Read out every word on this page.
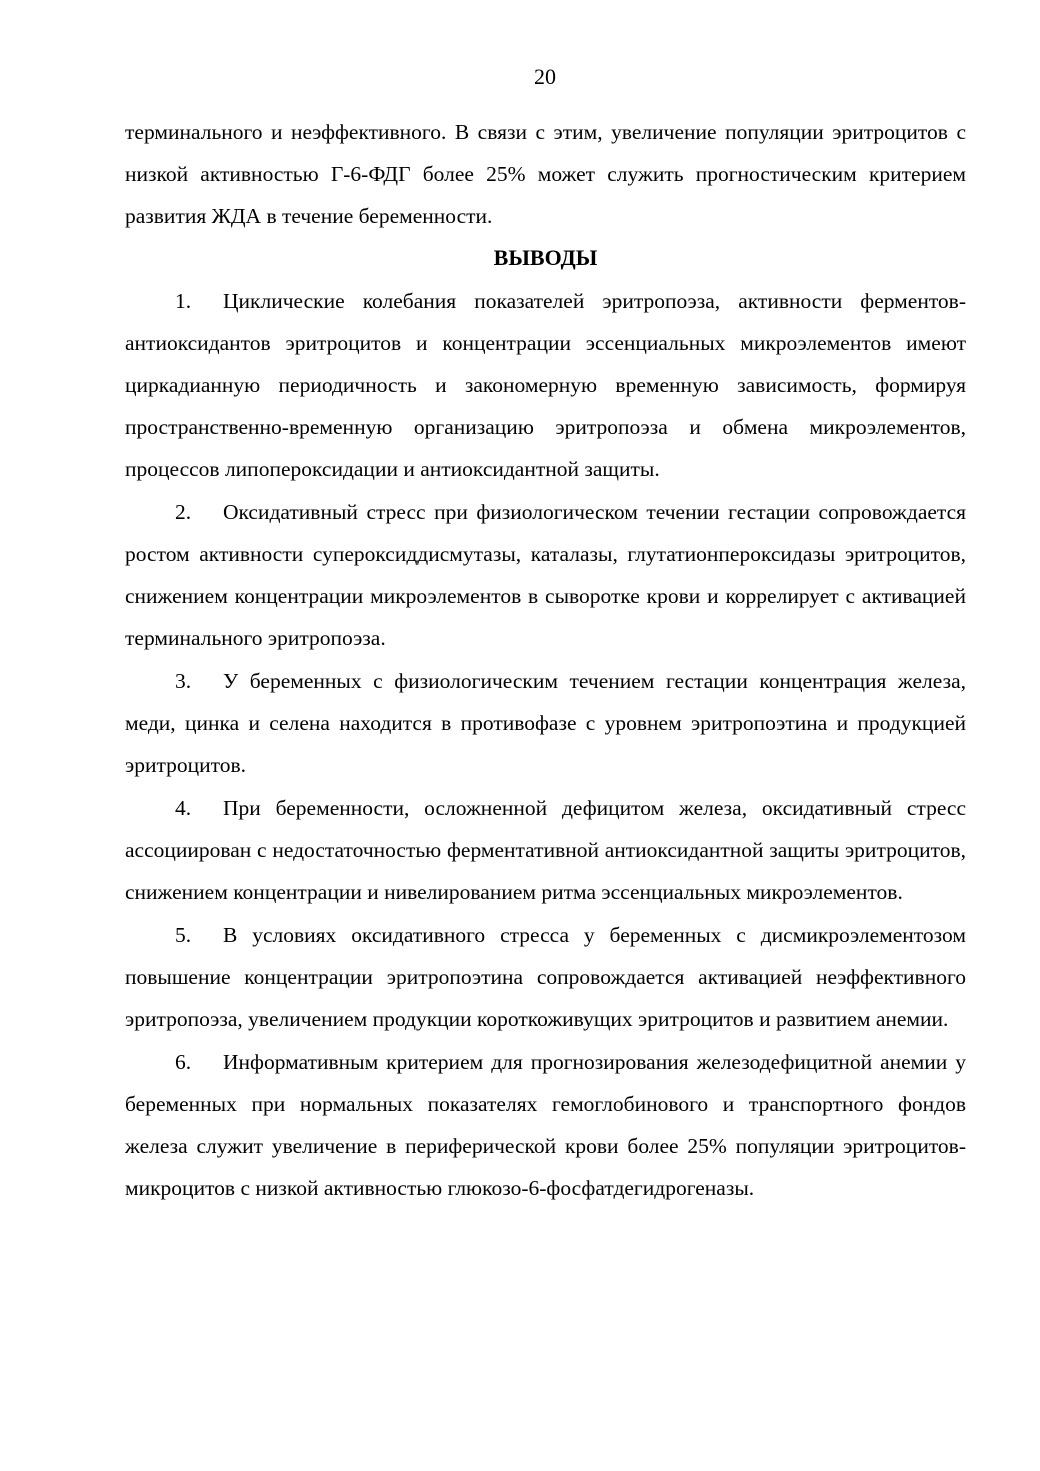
20

терминального и неэффективного. В связи с этим, увеличение популяции эритроцитов с низкой активностью Г-6-ФДГ более 25% может служить прогностическим критерием развития ЖДА в течение беременности.

ВЫВОДЫ

1. Циклические колебания показателей эритропоэза, активности ферментов-антиоксидантов эритроцитов и концентрации эссенциальных микроэлементов имеют циркадианную периодичность и закономерную временную зависимость, формируя пространственно-временную организацию эритропоэза и обмена микроэлементов, процессов липопероксидации и антиоксидантной защиты.

2. Оксидативный стресс при физиологическом течении гестации сопровождается ростом активности супероксиддисмутазы, каталазы, глутатионпероксидазы эритроцитов, снижением концентрации микроэлементов в сыворотке крови и коррелирует с активацией терминального эритропоэза.

3. У беременных с физиологическим течением гестации концентрация железа, меди, цинка и селена находится в противофазе с уровнем эритропоэтина и продукцией эритроцитов.

4. При беременности, осложненной дефицитом железа, оксидативный стресс ассоциирован с недостаточностью ферментативной антиоксидантной защиты эритроцитов, снижением концентрации и нивелированием ритма эссенциальных микроэлементов.

5. В условиях оксидативного стресса у беременных с дисмикроэлементозом повышение концентрации эритропоэтина сопровождается активацией неэффективного эритропоэза, увеличением продукции короткоживущих эритроцитов и развитием анемии.

6. Информативным критерием для прогнозирования железодефицитной анемии у беременных при нормальных показателях гемоглобинового и транспортного фондов железа служит увеличение в периферической крови более 25% популяции эритроцитов-микроцитов с низкой активностью глюкозо-6-фосфатдегидрогеназы.
